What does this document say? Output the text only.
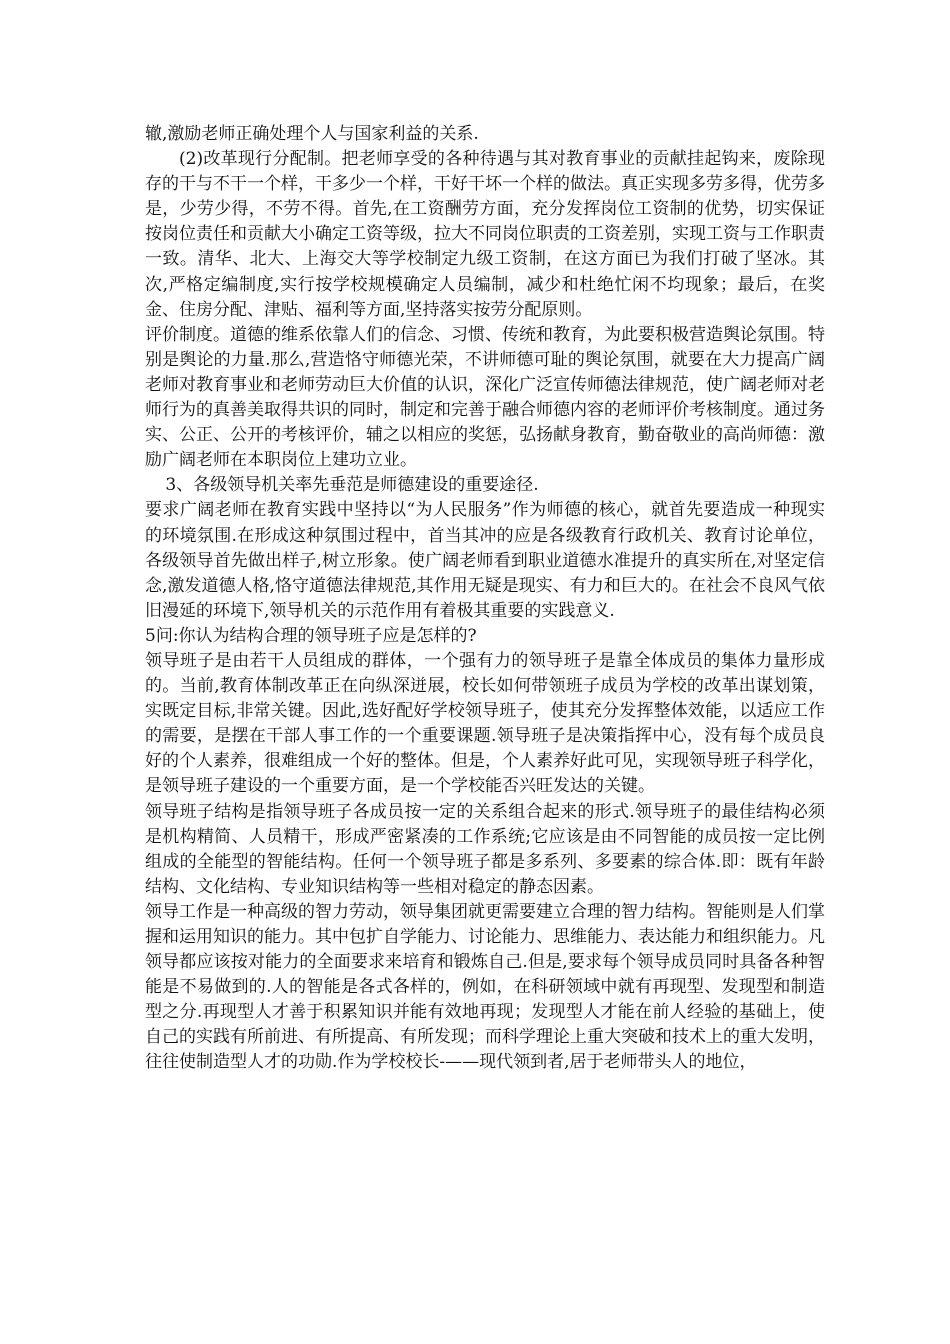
辙,激励老师正确处理个人与国家利益的关系.

(2)改革现行分配制。把老师享受的各种待遇与其对教育事业的贡献挂起钩来，废除现存的干与不干一个样，干多少一个样，干好干坏一个样的做法。真正实现多劳多得，优劳多是，少劳少得，不劳不得。首先,在工资酬劳方面，充分发挥岗位工资制的优势，切实保证按岗位责任和贡献大小确定工资等级，拉大不同岗位职责的工资差别，实现工资与工作职责一致。清华、北大、上海交大等学校制定九级工资制，在这方面已为我们打破了坚冰。其次,严格定编制度,实行按学校规模确定人员编制，减少和杜绝忙闲不均现象；最后，在奖金、住房分配、津贴、福利等方面,坚持落实按劳分配原则。

评价制度。道德的维系依靠人们的信念、习惯、传统和教育，为此要积极营造舆论氛围。特别是舆论的力量.那么,营造恪守师德光荣，不讲师德可耻的舆论氛围，就要在大力提高广阔老师对教育事业和老师劳动巨大价值的认识，深化广泛宣传师德法律规范，使广阔老师对老师行为的真善美取得共识的同时，制定和完善于融合师德内容的老师评价考核制度。通过务实、公正、公开的考核评价，辅之以相应的奖惩，弘扬献身教育，勤奋敬业的高尚师德：激励广阔老师在本职岗位上建功立业。

3、各级领导机关率先垂范是师德建设的重要途径.

要求广阔老师在教育实践中坚持以“为人民服务”作为师德的核心，就首先要造成一种现实的环境氛围.在形成这种氛围过程中，首当其冲的应是各级教育行政机关、教育讨论单位，各级领导首先做出样子,树立形象。使广阔老师看到职业道德水准提升的真实所在,对坚定信念,激发道德人格,恪守道德法律规范,其作用无疑是现实、有力和巨大的。在社会不良风气依旧漫延的环境下,领导机关的示范作用有着极其重要的实践意义.

5问:你认为结构合理的领导班子应是怎样的?

领导班子是由若干人员组成的群体，一个强有力的领导班子是靠全体成员的集体力量形成的。当前,教育体制改革正在向纵深迸展，校长如何带领班子成员为学校的改革出谋划策，实既定目标,非常关键。因此,选好配好学校领导班子，使其充分发挥整体效能，以适应工作的需要，是摆在干部人事工作的一个重要课题.领导班子是决策指挥中心，没有每个成员良好的个人素养，很难组成一个好的整体。但是，个人素养好此可见，实现领导班子科学化，是领导班子建设的一个重要方面，是一个学校能否兴旺发达的关键。

领导班子结构是指领导班子各成员按一定的关系组合起来的形式.领导班子的最佳结构必须是机构精简、人员精干，形成严密紧凑的工作系统;它应该是由不同智能的成员按一定比例组成的全能型的智能结构。任何一个领导班子都是多系列、多要素的综合体.即：既有年龄结构、文化结构、专业知识结构等一些相对稳定的静态因素。

领导工作是一种高级的智力劳动，领导集团就更需要建立合理的智力结构。智能则是人们掌握和运用知识的能力。其中包扩自学能力、讨论能力、思维能力、表达能力和组织能力。凡领导都应该按对能力的全面要求来培育和锻炼自己.但是,要求每个领导成员同时具备各种智能是不易做到的.人的智能是各式各样的，例如，在科研领域中就有再现型、发现型和制造型之分.再现型人才善于积累知识并能有效地再现；发现型人才能在前人经验的基础上，使自己的实践有所前进、有所提高、有所发现；而科学理论上重大突破和技术上的重大发明，往往使制造型人才的功勋.作为学校校长-——现代领到者,居于老师带头人的地位，
